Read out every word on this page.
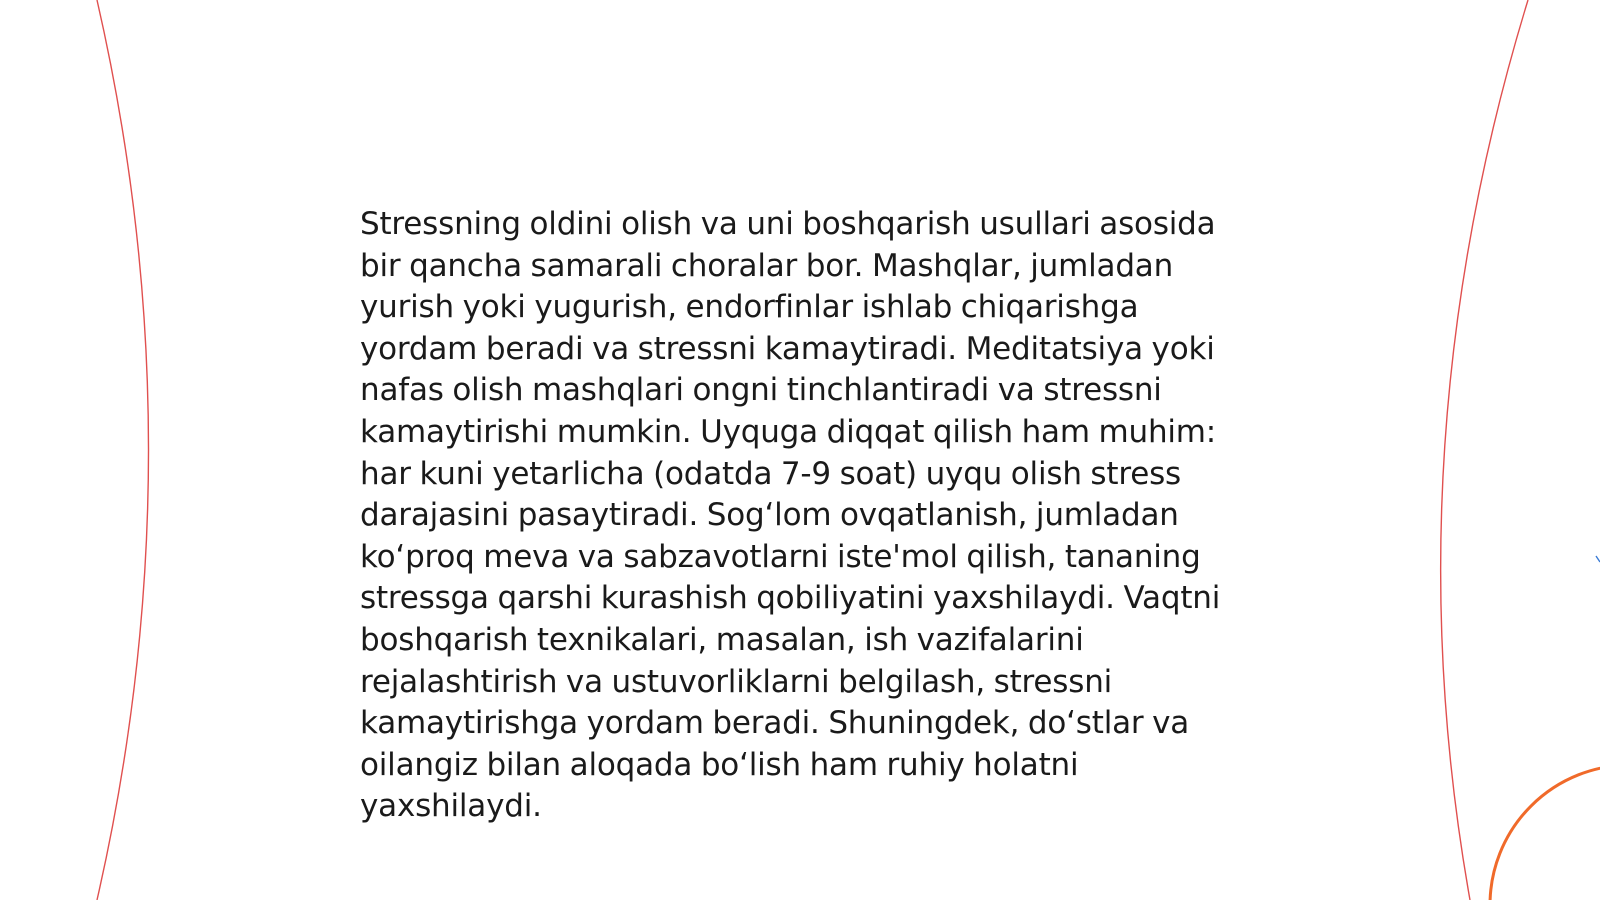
Stressning oldini olish va uni boshqarish usullari asosida bir qancha samarali choralar bor. Mashqlar, jumladan yurish yoki yugurish, endorfinlar ishlab chiqarishga yordam beradi va stressni kamaytiradi. Meditatsiya yoki nafas olish mashqlari ongni tinchlantiradi va stressni kamaytirishi mumkin. Uyquga diqqat qilish ham muhim: har kuni yetarlicha (odatda 7-9 soat) uyqu olish stress darajasini pasaytiradi. Sog‘lom ovqatlanish, jumladan ko‘proq meva va sabzavotlarni iste'mol qilish, tananing stressga qarshi kurashish qobiliyatini yaxshilaydi. Vaqtni boshqarish texnikalari, masalan, ish vazifalarini rejalashtirish va ustuvorliklarni belgilash, stressni kamaytirishga yordam beradi. Shuningdek, do‘stlar va oilangiz bilan aloqada bo‘lish ham ruhiy holatni yaxshilaydi.
